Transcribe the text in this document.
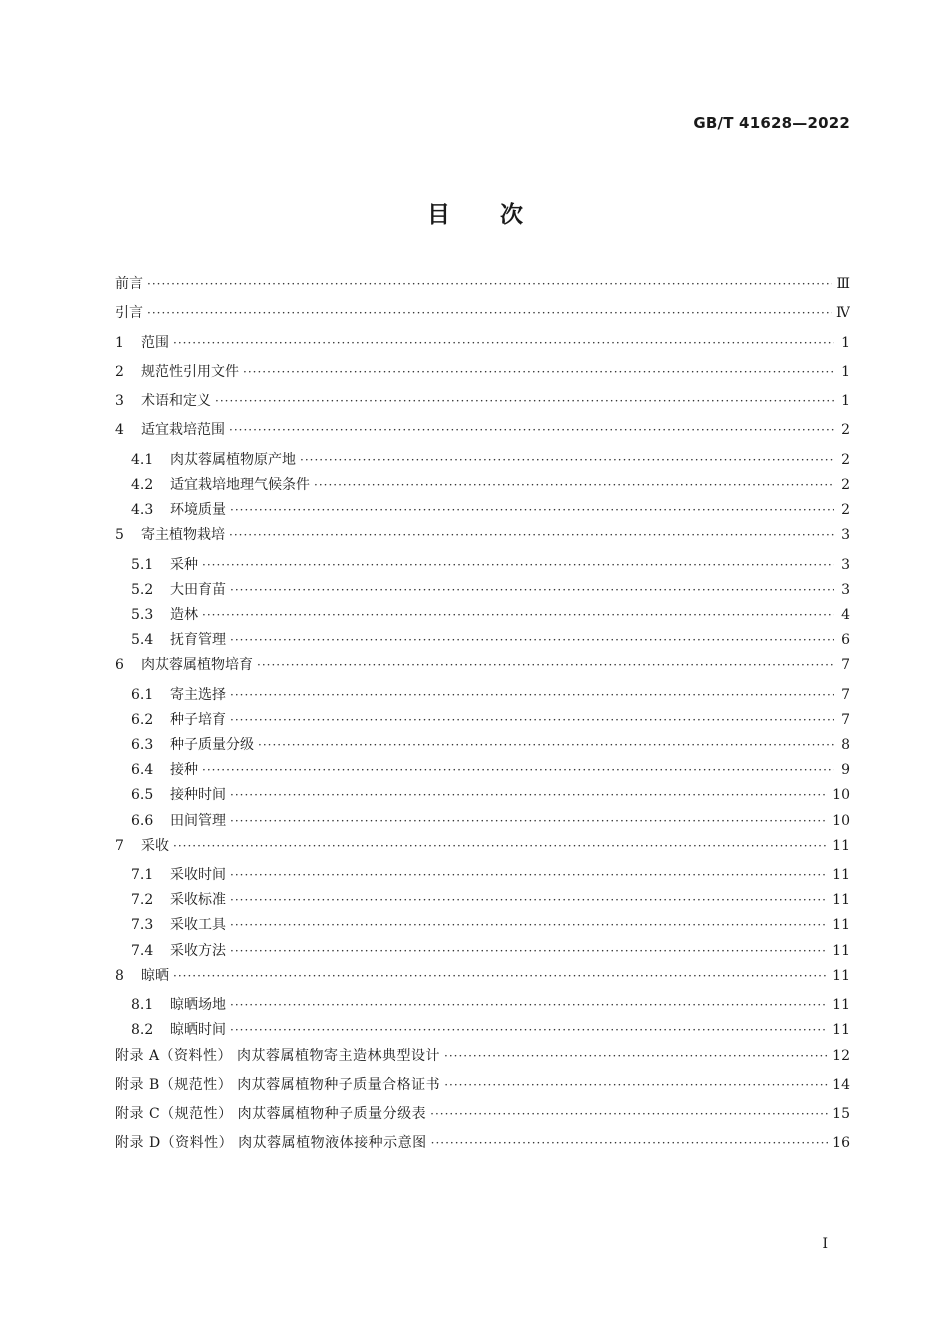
GB/T 41628—2022
目次
前言 ·····	Ⅲ
引言 ·····	Ⅳ
1 范围 ·····	1
2 规范性引用文件 ·····	1
3 术语和定义 ·····	1
4 适宜栽培范围 ·····	2
4.1 肉苁蓉属植物原产地 ·····	2
4.2 适宜栽培地理气候条件 ·····	2
4.3 环境质量 ·····	2
5 寄主植物栽培 ·····	3
5.1 采种 ·····	3
5.2 大田育苗 ·····	3
5.3 造林 ·····	4
5.4 抚育管理 ·····	6
6 肉苁蓉属植物培育 ·····	7
6.1 寄主选择 ·····	7
6.2 种子培育 ·····	7
6.3 种子质量分级 ·····	8
6.4 接种 ·····	9
6.5 接种时间 ·····	10
6.6 田间管理 ·····	10
7 采收 ·····	11
7.1 采收时间 ·····	11
7.2 采收标准 ·····	11
7.3 采收工具 ·····	11
7.4 采收方法 ·····	11
8 晾晒 ·····	11
8.1 晾晒场地 ·····	11
8.2 晾晒时间 ·····	11
附录 A（资料性） 肉苁蓉属植物寄主造林典型设计 ·····	12
附录 B（规范性） 肉苁蓉属植物种子质量合格证书 ·····	14
附录 C（规范性） 肉苁蓉属植物种子质量分级表 ·····	15
附录 D（资料性） 肉苁蓉属植物液体接种示意图 ·····	16
I
